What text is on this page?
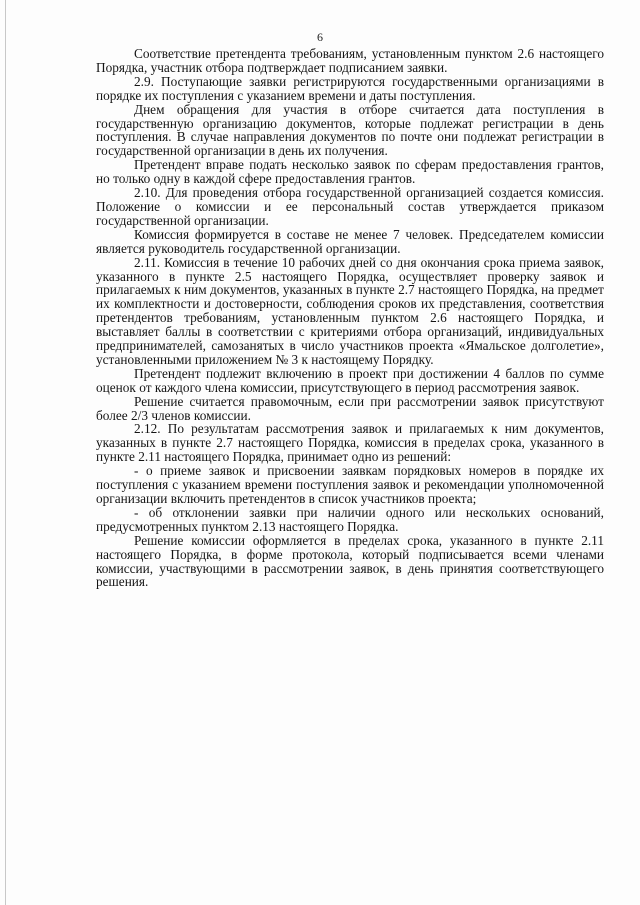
6

Соответствие претендента требованиям, установленным пунктом 2.6 настоящего Порядка, участник отбора подтверждает подписанием заявки.

2.9. Поступающие заявки регистрируются государственными организациями в порядке их поступления с указанием времени и даты поступления.

Днем обращения для участия в отборе считается дата поступления в государственную организацию документов, которые подлежат регистрации в день поступления. В случае направления документов по почте они подлежат регистрации в государственной организации в день их получения.

Претендент вправе подать несколько заявок по сферам предоставления грантов, но только одну в каждой сфере предоставления грантов.

2.10. Для проведения отбора государственной организацией создается комиссия. Положение о комиссии и ее персональный состав утверждается приказом государственной организации.

Комиссия формируется в составе не менее 7 человек. Председателем комиссии является руководитель государственной организации.

2.11. Комиссия в течение 10 рабочих дней со дня окончания срока приема заявок, указанного в пункте 2.5 настоящего Порядка, осуществляет проверку заявок и прилагаемых к ним документов, указанных в пункте 2.7 настоящего Порядка, на предмет их комплектности и достоверности, соблюдения сроков их представления, соответствия претендентов требованиям, установленным пунктом 2.6 настоящего Порядка, и выставляет баллы в соответствии с критериями отбора организаций, индивидуальных предпринимателей, самозанятых в число участников проекта «Ямальское долголетие», установленными приложением № 3 к настоящему Порядку.

Претендент подлежит включению в проект при достижении 4 баллов по сумме оценок от каждого члена комиссии, присутствующего в период рассмотрения заявок.

Решение считается правомочным, если при рассмотрении заявок присутствуют более 2/3 членов комиссии.

2.12. По результатам рассмотрения заявок и прилагаемых к ним документов, указанных в пункте 2.7 настоящего Порядка, комиссия в пределах срока, указанного в пункте 2.11 настоящего Порядка, принимает одно из решений:

- о приеме заявок и присвоении заявкам порядковых номеров в порядке их поступления с указанием времени поступления заявок и рекомендации уполномоченной организации включить претендентов в список участников проекта;

- об отклонении заявки при наличии одного или нескольких оснований, предусмотренных пунктом 2.13 настоящего Порядка.

Решение комиссии оформляется в пределах срока, указанного в пункте 2.11 настоящего Порядка, в форме протокола, который подписывается всеми членами комиссии, участвующими в рассмотрении заявок, в день принятия соответствующего решения.
